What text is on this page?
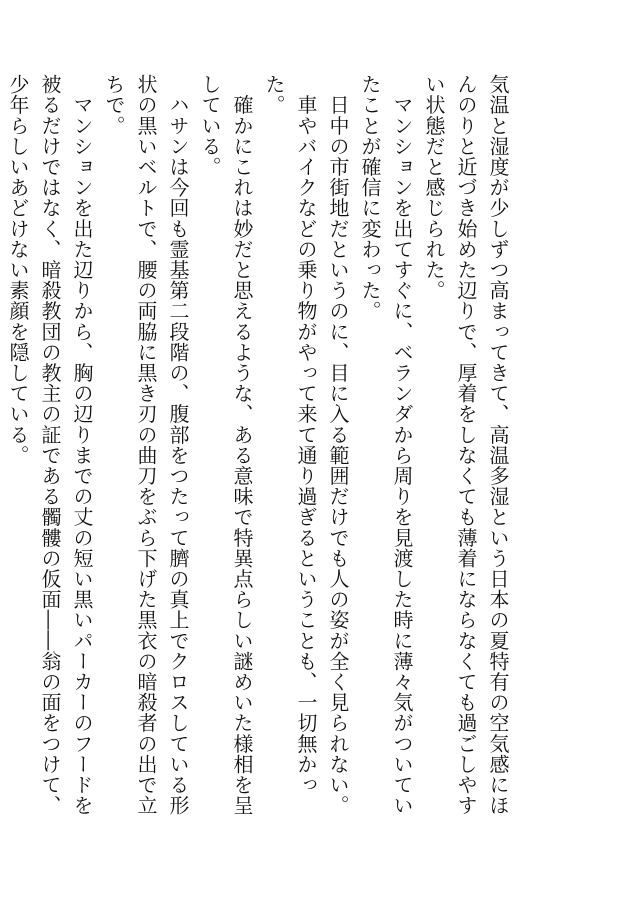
気温と湿度が少しずつ高まってきて、高温多湿という日本の夏特有の空気感にほんのりと近づき始めた辺りで、厚着をしなくても薄着にならなくても過ごしやすい状態だと感じられた。

　マンションを出てすぐに、ベランダから周りを見渡した時に薄々気がついていたことが確信に変わった。

　日中の市街地だというのに、目に入る範囲だけでも人の姿が全く見られない。

　車やバイクなどの乗り物がやって来て通り過ぎるということも、一切無かった。

　確かにこれは妙だと思えるような、ある意味で特異点らしい謎めいた様相を呈している。

　ハサンは今回も霊基第二段階の、腹部をつたって臍の真上でクロスしている形状の黒いベルトで、腰の両脇に黒き刃の曲刀をぶら下げた黒衣の暗殺者の出で立ちで。

　マンションを出た辺りから、胸の辺りまでの丈の短い黒いパーカーのフードを被るだけではなく、暗殺教団の教主の証である髑髏の仮面――翁の面をつけて、少年らしいあどけない素顔を隠している。
